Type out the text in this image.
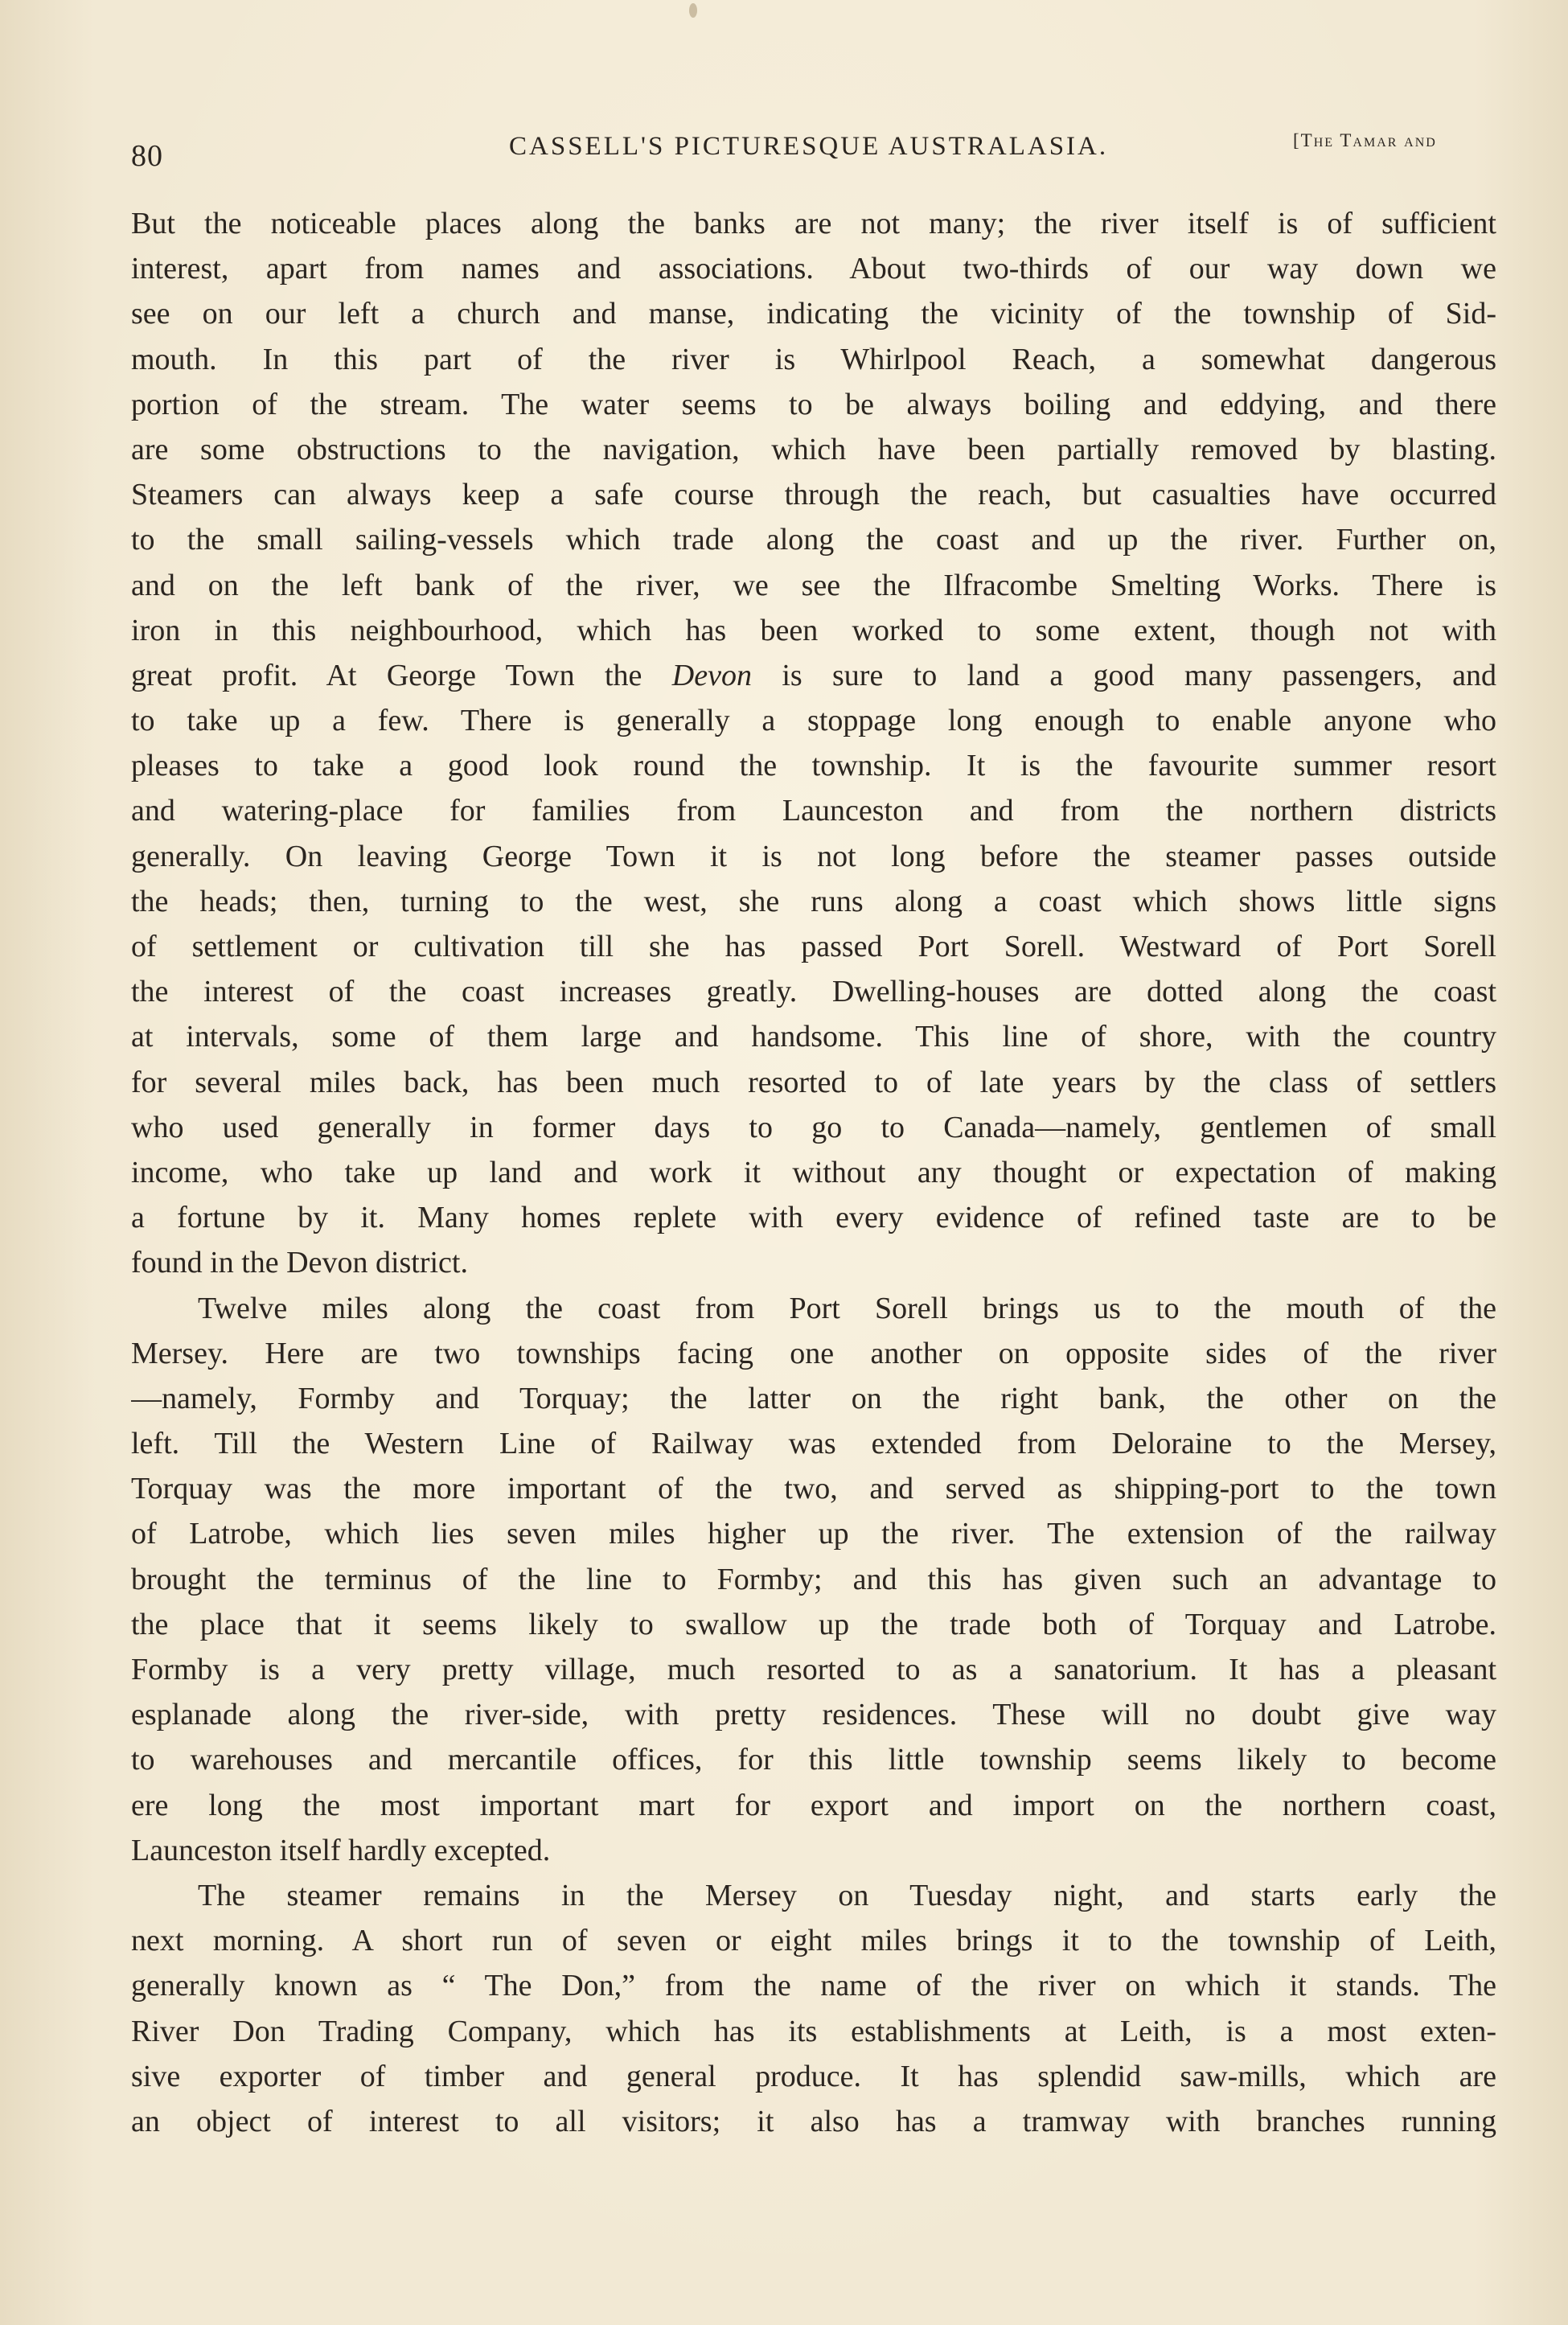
80	CASSELL'S PICTURESQUE AUSTRALASIA.	[The Tamar and
But the noticeable places along the banks are not many; the river itself is of sufficient
interest, apart from names and associations. About two-thirds of our way down we
see on our left a church and manse, indicating the vicinity of the township of Sid-
mouth. In this part of the river is Whirlpool Reach, a somewhat dangerous
portion of the stream. The water seems to be always boiling and eddying, and there
are some obstructions to the navigation, which have been partially removed by blasting.
Steamers can always keep a safe course through the reach, but casualties have occurred
to the small sailing-vessels which trade along the coast and up the river. Further on,
and on the left bank of the river, we see the Ilfracombe Smelting Works. There is
iron in this neighbourhood, which has been worked to some extent, though not with
great profit. At George Town the Devon is sure to land a good many passengers, and
to take up a few. There is generally a stoppage long enough to enable anyone who
pleases to take a good look round the township. It is the favourite summer resort
and watering-place for families from Launceston and from the northern districts
generally. On leaving George Town it is not long before the steamer passes outside
the heads; then, turning to the west, she runs along a coast which shows little signs
of settlement or cultivation till she has passed Port Sorell. Westward of Port Sorell
the interest of the coast increases greatly. Dwelling-houses are dotted along the coast
at intervals, some of them large and handsome. This line of shore, with the country
for several miles back, has been much resorted to of late years by the class of settlers
who used generally in former days to go to Canada—namely, gentlemen of small
income, who take up land and work it without any thought or expectation of making
a fortune by it. Many homes replete with every evidence of refined taste are to be
found in the Devon district.
Twelve miles along the coast from Port Sorell brings us to the mouth of the
Mersey. Here are two townships facing one another on opposite sides of the river
—namely, Formby and Torquay; the latter on the right bank, the other on the
left. Till the Western Line of Railway was extended from Deloraine to the Mersey,
Torquay was the more important of the two, and served as shipping-port to the town
of Latrobe, which lies seven miles higher up the river. The extension of the railway
brought the terminus of the line to Formby; and this has given such an advantage to
the place that it seems likely to swallow up the trade both of Torquay and Latrobe.
Formby is a very pretty village, much resorted to as a sanatorium. It has a pleasant
esplanade along the river-side, with pretty residences. These will no doubt give way
to warehouses and mercantile offices, for this little township seems likely to become
ere long the most important mart for export and import on the northern coast,
Launceston itself hardly excepted.
The steamer remains in the Mersey on Tuesday night, and starts early the
next morning. A short run of seven or eight miles brings it to the township of Leith,
generally known as “ The Don,” from the name of the river on which it stands. The
River Don Trading Company, which has its establishments at Leith, is a most exten-
sive exporter of timber and general produce. It has splendid saw-mills, which are
an object of interest to all visitors; it also has a tramway with branches running
